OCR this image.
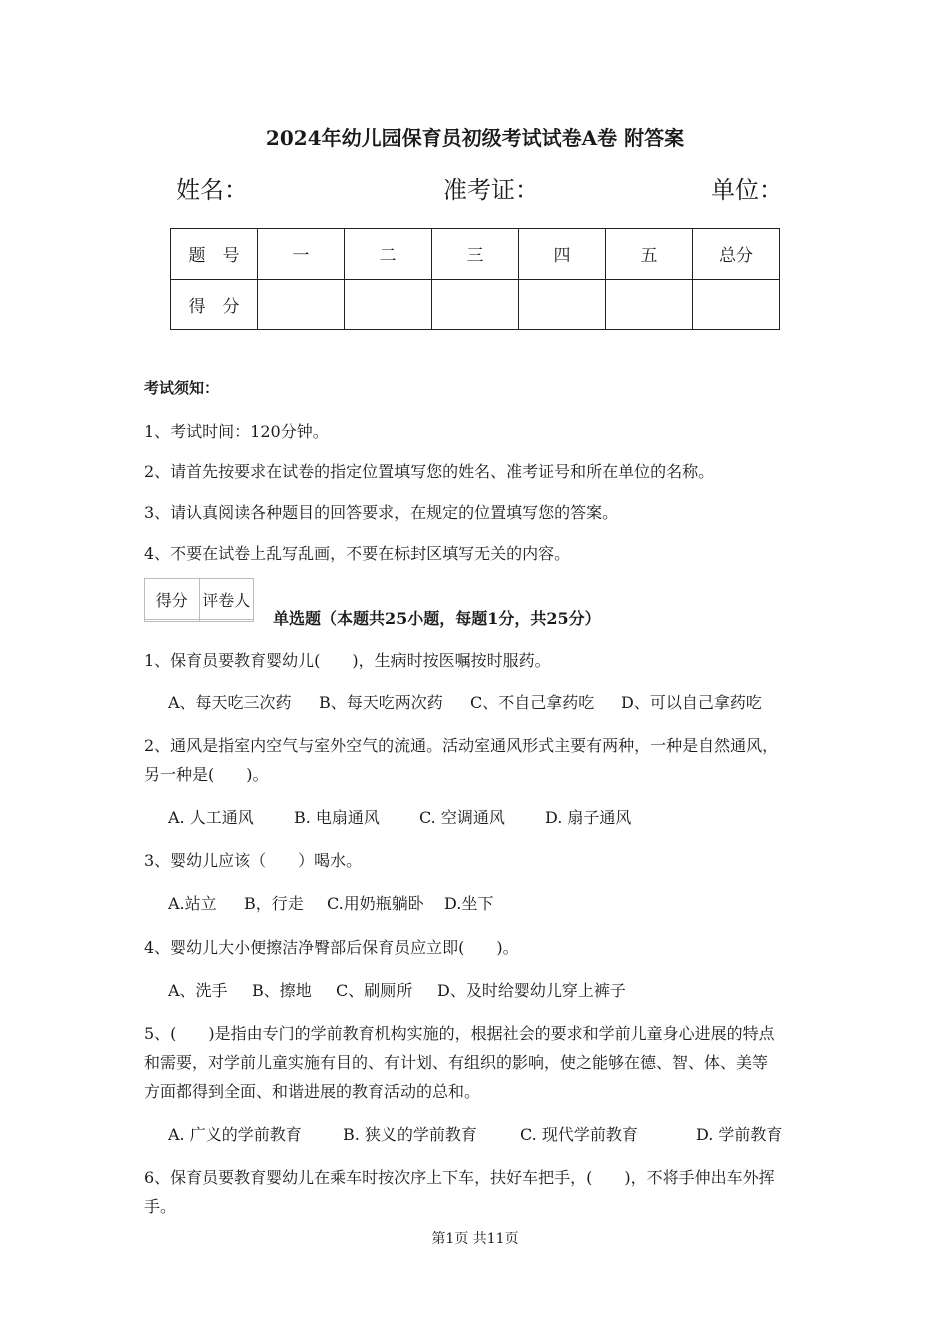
2024年幼儿园保育员初级考试试卷A卷 附答案
姓名：	准考证：	单位：
题　号	一	二	三	四	五	总分
得　分						
考试须知：
1、考试时间：120分钟。
2、请首先按要求在试卷的指定位置填写您的姓名、准考证号和所在单位的名称。
3、请认真阅读各种题目的回答要求，在规定的位置填写您的答案。
4、不要在试卷上乱写乱画，不要在标封区填写无关的内容。
得分	评卷人

单选题（本题共25小题，每题1分，共25分）
1、保育员要教育婴幼儿(　　)，生病时按医嘱按时服药。
A、每天吃三次药 B、每天吃两次药 C、不自己拿药吃 D、可以自己拿药吃
2、通风是指室内空气与室外空气的流通。活动室通风形式主要有两种，一种是自然通风，
另一种是(　　)。
A. 人工通风	B. 电扇通风 C. 空调通风	D. 扇子通风
3、婴幼儿应该（　　）喝水。
A.站立 B，行走 C.用奶瓶躺卧 D.坐下
4、婴幼儿大小便擦洁净臀部后保育员应立即(　　)。
A、洗手 B、擦地 C、刷厕所 D、及时给婴幼儿穿上裤子
5、(　　)是指由专门的学前教育机构实施的，根据社会的要求和学前儿童身心进展的特点
和需要，对学前儿童实施有目的、有计划、有组织的影响，使之能够在德、智、体、美等
方面都得到全面、和谐进展的教育活动的总和。
A. 广义的学前教育	B. 狭义的学前教育	C. 现代学前教育	D. 学前教育
6、保育员要教育婴幼儿在乘车时按次序上下车，扶好车把手，(　　)，不将手伸出车外挥
手。
第1页 共11页
